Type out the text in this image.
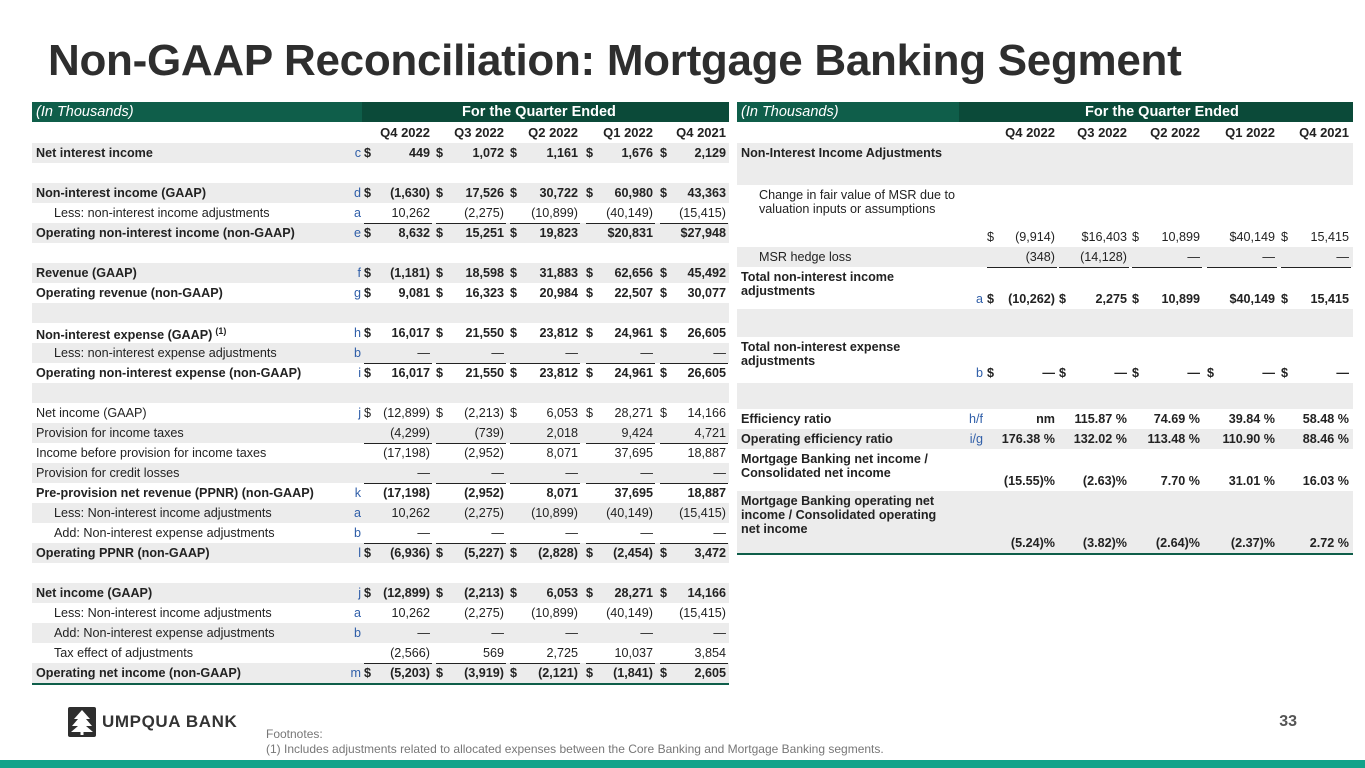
Non-GAAP Reconciliation: Mortgage Banking Segment
(In Thousands)	For the Quarter Ended
Q4 2022	Q3 2022	Q2 2022	Q1 2022	Q4 2021
Net interest income	c $	449 $	1,072 $	1,161 $	1,676 $	2,129
Non-interest income (GAAP)	d $	(1,630) $	17,526 $	30,722 $	60,980 $	43,363
Less: non-interest income adjustments	a	10,262	(2,275)	(10,899)	(40,149)	(15,415)
Operating non-interest income (non-GAAP)	e $	8,632 $	15,251 $	19,823	$20,831	$27,948
Revenue (GAAP)	f $	(1,181) $	18,598 $	31,883 $	62,656 $	45,492
Operating revenue (non-GAAP)	g $	9,081 $	16,323 $	20,984 $	22,507 $	30,077
Non-interest expense (GAAP) $^{(1)}$	h $	16,017 $	21,550 $	23,812 $	24,961 $	26,605
Less: non-interest expense adjustments	b	—	—	—	—	—
Operating non-interest expense (non-GAAP)	i $	16,017 $	21,550 $	23,812 $	24,961 $	26,605
Net income (GAAP)	j $ (12,899) $	(2,213) $	6,053 $	28,271 $	14,166
Provision for income taxes	(4,299)	(739)	2,018	9,424	4,721
Income before provision for income taxes	(17,198)	(2,952)	8,071	37,695	18,887
Provision for credit losses	—	—	—	—	—
Pre-provision net revenue (PPNR) (non-GAAP)	k	(17,198)	(2,952)	8,071	37,695	18,887
Less: Non-interest income adjustments	a	10,262	(2,275)	(10,899)	(40,149)	(15,415)
Add: Non-interest expense adjustments	b	—	—	—	—	—
Operating PPNR (non-GAAP)	l $	(6,936) $	(5,227) $	(2,828) $	(2,454) $	3,472
Net income (GAAP)	j $ (12,899) $	(2,213) $	6,053 $	28,271 $	14,166
Less: Non-interest income adjustments	a	10,262	(2,275)	(10,899)	(40,149)	(15,415)
Add: Non-interest expense adjustments	b	—	—	—	—	—
Tax effect of adjustments	(2,566)	569	2,725	10,037	3,854
Operating net income (non-GAAP)	m $	(5,203) $	(3,919) $	(2,121) $	(1,841) $	2,605
(In Thousands)	For the Quarter Ended
Q4 2022	Q3 2022	Q2 2022	Q1 2022	Q4 2021
Non-Interest Income Adjustments
Change in fair value of MSR due to valuation inputs or assumptions
$	(9,914)	$16,403 $	10,899	$40,149 $	15,415
MSR hedge loss	(348)	(14,128)	—	—	—
Total non-interest income adjustments
a $	(10,262) $	2,275 $	10,899	$40,149 $	15,415
Total non-interest expense adjustments
b $	— $	— $	— $	— $	—
Efficiency ratio	h/f	nm	115.87 %	74.69 %	39.84 %	58.48 %
Operating efficiency ratio	i/g	176.38 %	132.02 %	113.48 %	110.90 %	88.46 %
Mortgage Banking net income / Consolidated net income
(15.55)%	(2.63)%	7.70 %	31.01 %	16.03 %
Mortgage Banking operating net income / Consolidated operating net income
(5.24)%	(3.82)%	(2.64)%	(2.37)%	2.72 %
UMPQUA BANK	33
Footnotes:
(1) Includes adjustments related to allocated expenses between the Core Banking and Mortgage Banking segments.
